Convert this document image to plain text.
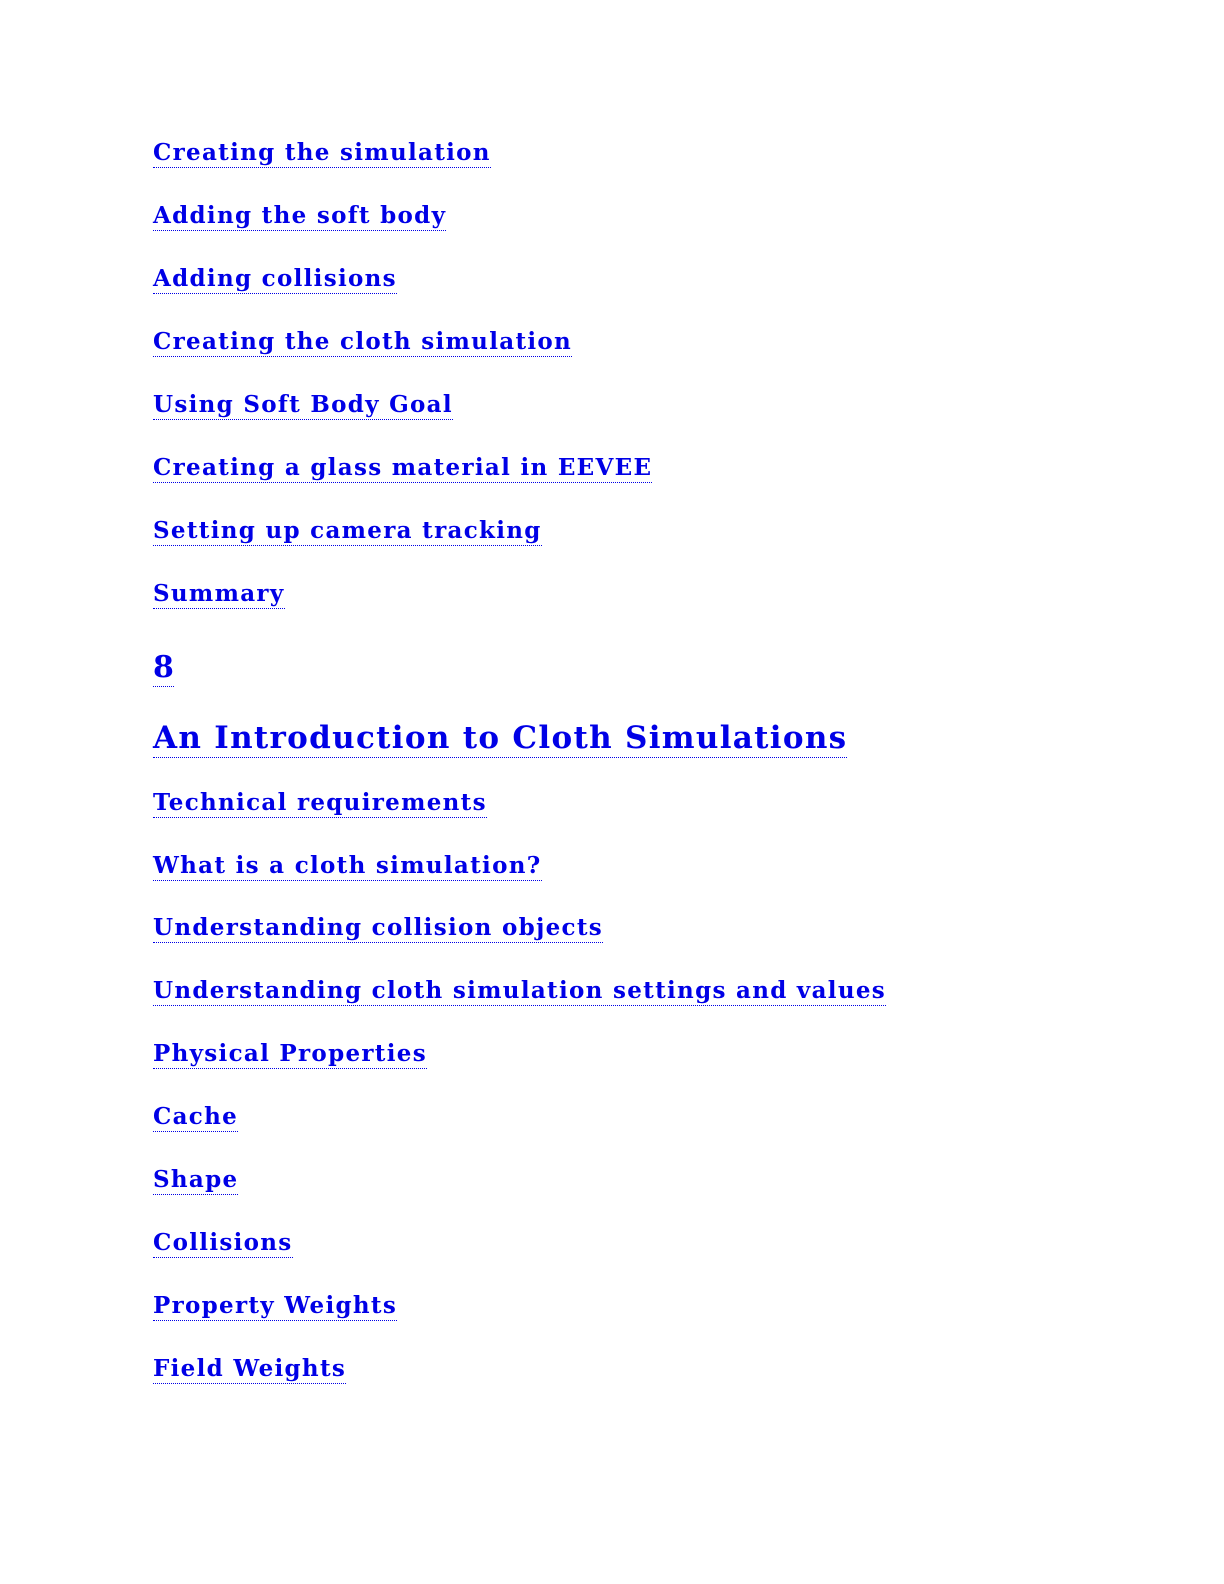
Creating the simulation
Adding the soft body
Adding collisions
Creating the cloth simulation
Using Soft Body Goal
Creating a glass material in EEVEE
Setting up camera tracking
Summary
8
An Introduction to Cloth Simulations
Technical requirements
What is a cloth simulation?
Understanding collision objects
Understanding cloth simulation settings and values
Physical Properties
Cache
Shape
Collisions
Property Weights
Field Weights
